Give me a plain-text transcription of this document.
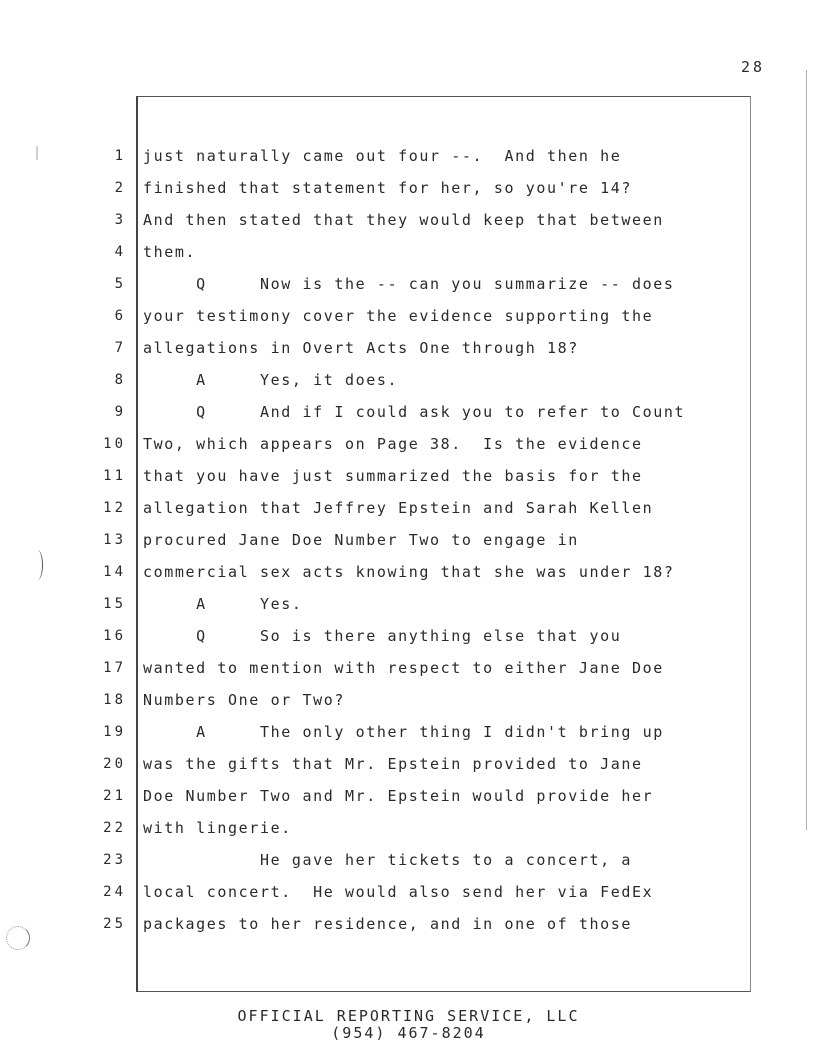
28
1
2
3
4
5
6
7
8
9
10
11
12
13
14
15
16
17
18
19
20
21
22
23
24
25
just naturally came out four --.  And then he
finished that statement for her, so you're 14?
And then stated that they would keep that between
them.
Q     Now is the -- can you summarize -- does
your testimony cover the evidence supporting the
allegations in Overt Acts One through 18?
A     Yes, it does.
Q     And if I could ask you to refer to Count
Two, which appears on Page 38.  Is the evidence
that you have just summarized the basis for the
allegation that Jeffrey Epstein and Sarah Kellen
procured Jane Doe Number Two to engage in
commercial sex acts knowing that she was under 18?
A     Yes.
Q     So is there anything else that you
wanted to mention with respect to either Jane Doe
Numbers One or Two?
A     The only other thing I didn't bring up
was the gifts that Mr. Epstein provided to Jane
Doe Number Two and Mr. Epstein would provide her
with lingerie.
He gave her tickets to a concert, a
local concert.  He would also send her via FedEx
packages to her residence, and in one of those
OFFICIAL REPORTING SERVICE, LLC
(954) 467-8204
